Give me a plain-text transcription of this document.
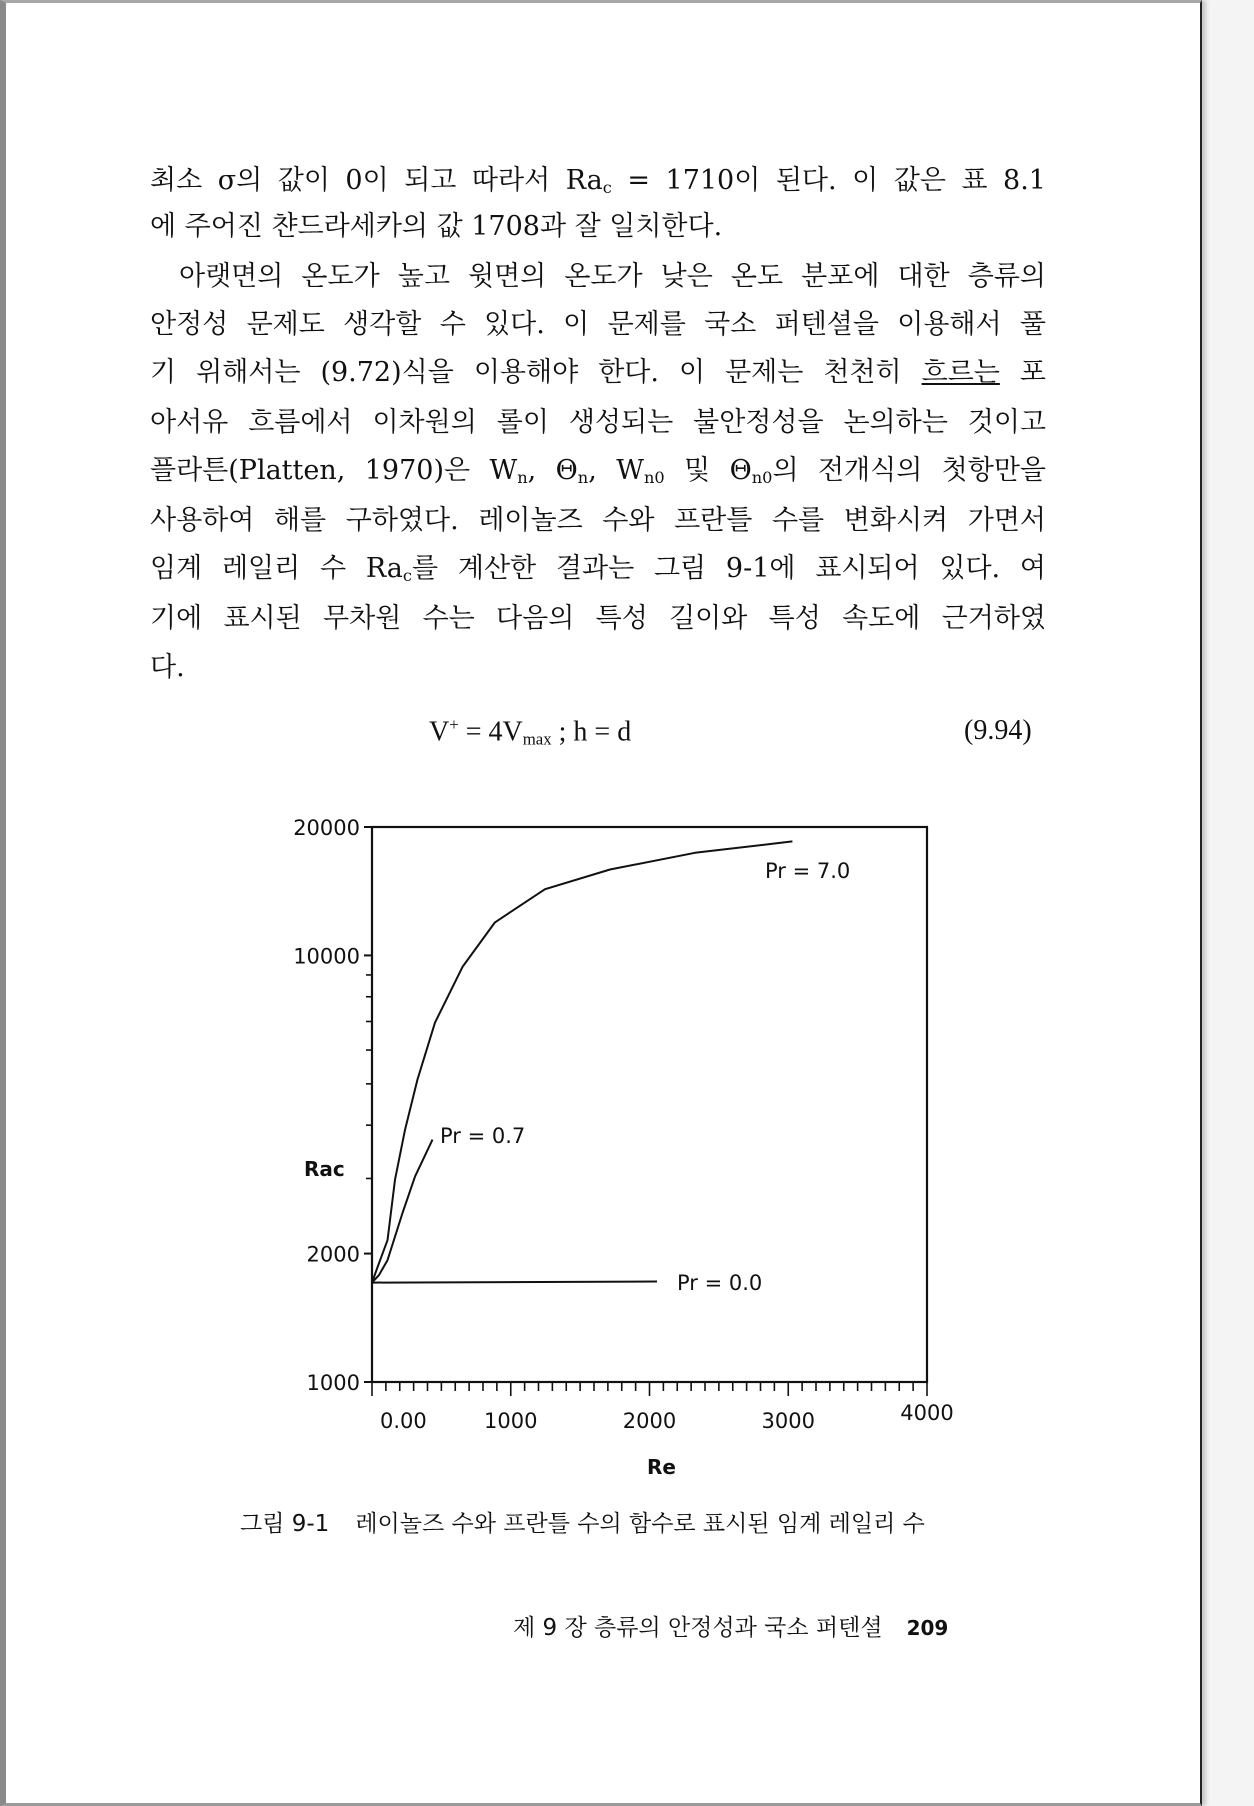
최소 σ의 값이 0이 되고 따라서 $Ra_c = 1710$이 된다. 이 값은 표 8.1
에 주어진 챤드라세카의 값 1708과 잘 일치한다.
아랫면의 온도가 높고 윗면의 온도가 낮은 온도 분포에 대한 층류의
안정성 문제도 생각할 수 있다. 이 문제를 국소 퍼텐셜을 이용해서 풀
기 위해서는 (9.72)식을 이용해야 한다. 이 문제는 천천히 흐르는 포
아서유 흐름에서 이차원의 롤이 생성되는 불안정성을 논의하는 것이고
플라튼(Platten, 1970)은 $W_n$, $\Theta_n$, $W_{n0}$ 및 $\Theta_{n0}$의 전개식의 첫항만을
사용하여 해를 구하였다. 레이놀즈 수와 프란틀 수를 변화시켜 가면서
임계 레일리 수 $Ra_c$를 계산한 결과는 그림 9-1에 표시되어 있다. 여
기에 표시된 무차원 수는 다음의 특성 길이와 특성 속도에 근거하였
다.
$V^+ = 4V_{max}$ ; h = d	(9.94)
1000
2000
10000
20000
0.00	1000	2000	3000	4000
Rac
Re
Pr = 7.0
Pr = 0.7
Pr = 0.0
그림 9-1 레이놀즈 수와 프란틀 수의 함수로 표시된 임계 레일리 수
제 9 장 층류의 안정성과 국소 퍼텐셜 209
